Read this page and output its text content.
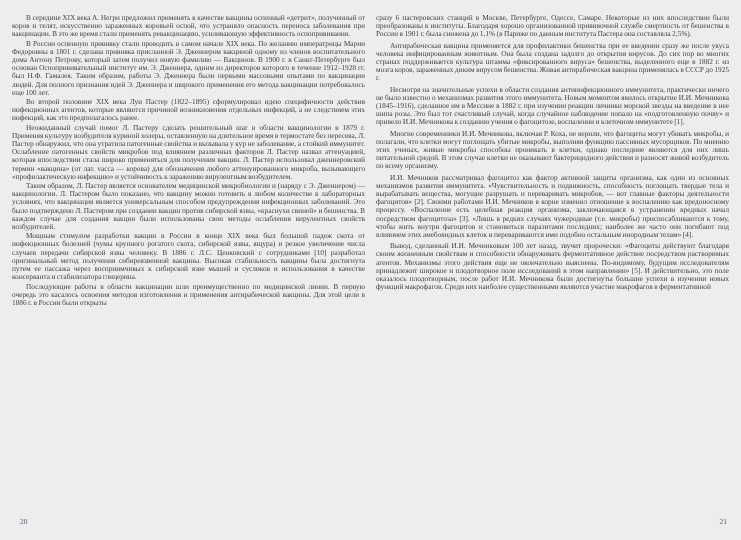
В середине XIX века А. Негри предложил применять в качестве вакцины оспенный «детрит», полученный от коров и телят, искусственно зараженных коровьей оспой, что устраняло опасность переноса заболевания при вакцинации. В это же время стали применять ревакцинацию, усиливающую эффективность оспопрививания.

В России оспенную прививку стали проводить в самом начале XIX века. По желанию императрицы Марии Федоровны в 1801 г. сделана прививка присланной Э. Дженнером вакциной одному из членов воспитательного дома Антону Петрову, который затем получил новую фамилию — Вакцинов. В 1900 г. в Санкт-Петербурге был основан Оспопрививательный институт им. Э. Дженнера, одним из директоров которого в течение 1912–1928 гг. был Н.Ф. Гамалея. Таким образом, работы Э. Дженнера были первыми массовыми опытами по вакцинации людей. Для полного признания идей Э. Дженнера и широкого применения его метода вакцинации потребовалось еще 100 лет.

Во второй половине XIX века Луи Пастер (1822–1895) сформулировал идею специфичности действия инфекционных агентов, которые являются причиной возникновения отдельных инфекций, а не следствием этих инфекций, как это предполагалось ранее.

Неожиданный случай помог Л. Пастеру сделать решительный шаг в области вакцинологии в 1879 г. Применяя культуру возбудителя куриной холеры, оставленную на длительное время в термостате без пересева, Л. Пастер обнаружил, что она утратила патогенные свойства и вызывала у кур не заболевание, а стойкий иммунитет. Ослабление патогенных свойств микробов под влиянием различных факторов Л. Пастер назвал аттенуацией, которая впоследствии стала широко применяться для получения вакцин. Л. Пастер использовал дженнеровский термин «вакцина» (от лат. vacca — корова) для обозначения любого аттенуированного микроба, вызывающего «профилактическую инфекцию» и устойчивость к заражению вирулентным возбудителем.

Таким образом, Л. Пастер является основателем медицинской микробиологии и (наряду с Э. Дженнером) — вакцинологии. Л. Пастером было показано, что вакцину можно готовить в любом количестве в лабораторных условиях, что вакцинация является универсальным способом предупреждения инфекционных заболеваний. Это было подтверждено Л. Пастером при создании вакцин против сибирской язвы, «краснухи свиней» и бешенства. В каждом случае для создания вакцин были использованы свои методы ослабления вирулентных свойств возбудителей.

Мощным стимулом разработки вакцин в России в конце XIX века был большой падеж скота от инфекционных болезней (чумы крупного рогатого скота, сибирской язвы, ящура) и резкое увеличение числа случаев передачи сибирской язвы человеку. В 1886 г. Л.С. Ценковский с сотрудниками [10] разработал оригинальный метод получения сибиреязвенной вакцины. Высокая стабильность вакцины была достигнута путем ее пассажа через восприимчивых к сибирской язве мышей и сусликов и использования в качестве консерванта и стабилизатора глицерина.

Последующие работы в области вакцинации шли преимущественно по медицинской линии. В первую очередь это касалось освоения методов изготовления и применения антирабической вакцины. Для этой цели в 1886 г. в России были открыты

20

сразу 6 пастеровских станций в Москве, Петербурге, Одессе, Самаре. Некоторые из них впоследствии были преобразованы в институты. Благодаря хорошо организованной прививочной службе смертность от бешенства в России в 1901 г. была снижена до 1,1% (в Париже по данным института Пастера она составляла 2,5%).

Антирабическая вакцина применяется для профилактики бешенства при ее введении сразу же после укуса человека инфицированным животным. Она была создана задолго до открытия вирусов. До сих пор во многих странах поддерживается культура штамма «фиксированного вируса» бешенства, выделенного еще в 1882 г. из мозга коров, зараженных диким вирусом бешенства. Живая антирабическая вакцина применялась в СССР до 1925 г.

Несмотря на значительные успехи в области создания антиинфекционного иммунитета, практически ничего не было известно о механизмах развития этого иммунитета. Новым моментом явилось открытие И.И. Мечникова (1845–1916), сделанное им в Мессине в 1882 г. при изучении реакции личинки морской звезды на введение в нее шипа розы. Это был тот счастливый случай, когда случайное наблюдение попало на «подготовленную почву» и привело И.И. Мечникова к созданию учения о фагоцитозе, воспалении и клеточном иммунитете [1].

Многие современники И.И. Мечникова, включая Р. Коха, не верили, что фагоциты могут убивать микробы, и полагали, что клетки могут поглощать убитые микробы, выполняя функцию пассивных мусорщиков. По мнению этих ученых, живые микробы способны проникать в клетки, однако последние являются для них лишь питательной средой. В этом случае клетки не оказывают бактерицидного действия и разносят живой возбудитель по всему организму.

И.И. Мечников рассматривал фагоцитоз как фактор активной защиты организма, как один из основных механизмов развития иммунитета. «Чувствительность и подвижность, способность поглощать твердые тела и вырабатывать вещества, могущие разрушать и переваривать микробов, — вот главные факторы деятельности фагоцитов» [2]. Своими работами И.И. Мечников в корне изменил отношение к воспалению как вредоносному процессу. «Воспаление есть целебная реакция организма, заключающаяся в устранении вредных начал посредством фагоцитоза» [3]. «Лишь в редких случаях чужеродные (т.е. микробы) приспосабливаются к тому, чтобы жить внутри фагоцитов и становиться паразитами последних; наиболее же часто они погибают под влиянием этих амебовидных клеток и перевариваются ими подобно остальным инородным телам» [4].

Вывод, сделанный И.И. Мечниковым 100 лет назад, звучит пророчески: «Фагоциты действуют благодаря своим жизненным свойствам и способности обнаруживать ферментативное действие посредством растворимых агентов. Механизмы этого действия еще не окончательно выяснены. По-видимому, будущим исследователям принадлежит широкое и плодотворное поле исследований в этом направлении» [5]. И действительно, это поле оказалось плодотворным, после работ И.И. Мечникова были достигнуты большие успехи в изучении новых функций макрофагов. Среди них наиболее существенными являются участие макрофагов в ферментативной

21
